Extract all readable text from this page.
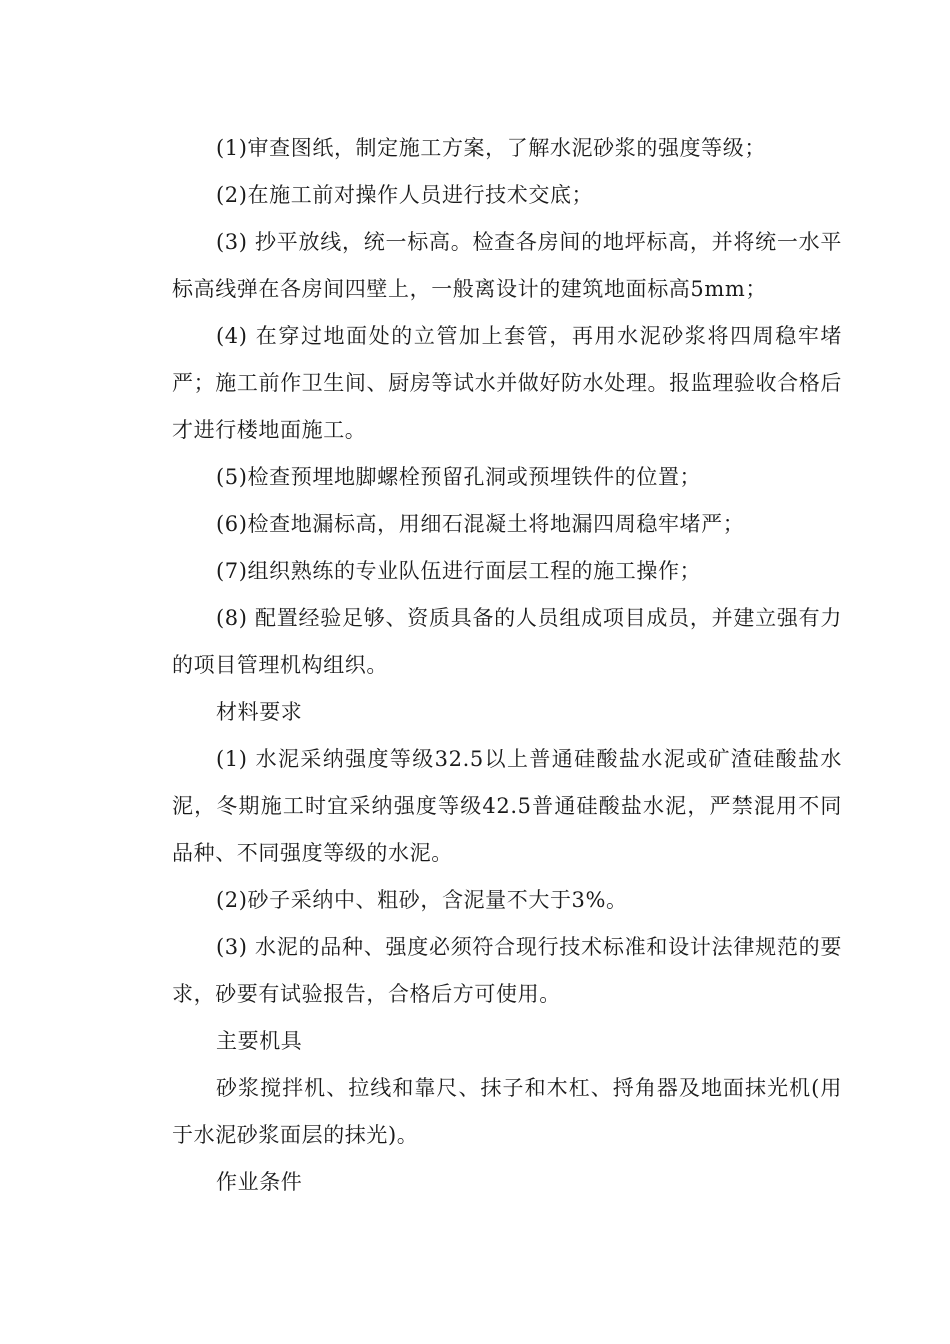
(1)审查图纸，制定施工方案，了解水泥砂浆的强度等级；

(2)在施工前对操作人员进行技术交底；

(3) 抄平放线，统一标高。检查各房间的地坪标高，并将统一水平标高线弹在各房间四壁上，一般离设计的建筑地面标高5mm；

(4) 在穿过地面处的立管加上套管，再用水泥砂浆将四周稳牢堵严；施工前作卫生间、厨房等试水并做好防水处理。报监理验收合格后才进行楼地面施工。

(5)检查预埋地脚螺栓预留孔洞或预埋铁件的位置；

(6)检查地漏标高，用细石混凝土将地漏四周稳牢堵严；

(7)组织熟练的专业队伍进行面层工程的施工操作；

(8) 配置经验足够、资质具备的人员组成项目成员，并建立强有力的项目管理机构组织。

材料要求

(1) 水泥采纳强度等级32.5以上普通硅酸盐水泥或矿渣硅酸盐水泥，冬期施工时宜采纳强度等级42.5普通硅酸盐水泥，严禁混用不同品种、不同强度等级的水泥。

(2)砂子采纳中、粗砂，含泥量不大于3%。

(3) 水泥的品种、强度必须符合现行技术标准和设计法律规范的要求，砂要有试验报告，合格后方可使用。

主要机具

砂浆搅拌机、拉线和靠尺、抹子和木杠、捋角器及地面抹光机(用于水泥砂浆面层的抹光)。

作业条件
